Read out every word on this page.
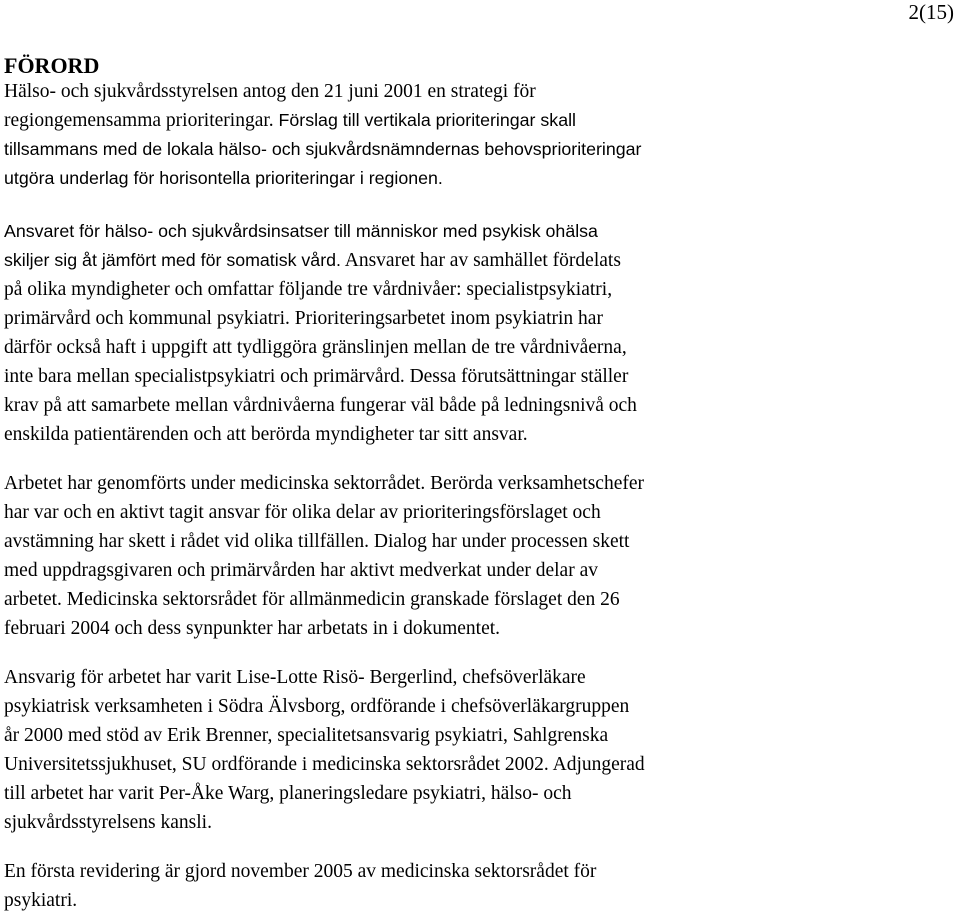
2(15)
FÖRORD
Hälso- och sjukvårdsstyrelsen antog den 21 juni 2001 en strategi för
regiongemensamma prioriteringar. Förslag till vertikala prioriteringar skall
tillsammans med de lokala hälso- och sjukvårdsnämndernas behovsprioriteringar
utgöra underlag för horisontella prioriteringar i regionen.
Ansvaret för hälso- och sjukvårdsinsatser till människor med psykisk ohälsa
skiljer sig åt jämfört med för somatisk vård. Ansvaret har av samhället fördelats
på olika myndigheter och omfattar följande tre vårdnivåer: specialistpsykiatri,
primärvård och kommunal psykiatri. Prioriteringsarbetet inom psykiatrin har
därför också haft i uppgift att tydliggöra gränslinjen mellan de tre vårdnivåerna,
inte bara mellan specialistpsykiatri och primärvård. Dessa förutsättningar ställer
krav på att samarbete mellan vårdnivåerna fungerar väl både på ledningsnivå och
enskilda patientärenden och att berörda myndigheter tar sitt ansvar.
Arbetet har genomförts under medicinska sektorrådet. Berörda verksamhetschefer
har var och en aktivt tagit ansvar för olika delar av prioriteringsförslaget och
avstämning har skett i rådet vid olika tillfällen. Dialog har under processen skett
med uppdragsgivaren och primärvården har aktivt medverkat under delar av
arbetet. Medicinska sektorsrådet för allmänmedicin granskade förslaget den 26
februari 2004 och dess synpunkter har arbetats in i dokumentet.
Ansvarig för arbetet har varit Lise-Lotte Risö- Bergerlind, chefsöverläkare
psykiatrisk verksamheten i Södra Älvsborg, ordförande i chefsöverläkargruppen
år 2000 med stöd av Erik Brenner, specialitetsansvarig psykiatri, Sahlgrenska
Universitetssjukhuset, SU ordförande i medicinska sektorsrådet 2002. Adjungerad
till arbetet har varit Per-Åke Warg, planeringsledare psykiatri, hälso- och
sjukvårdsstyrelsens kansli.
En första revidering är gjord november 2005 av medicinska sektorsrådet för
psykiatri.
